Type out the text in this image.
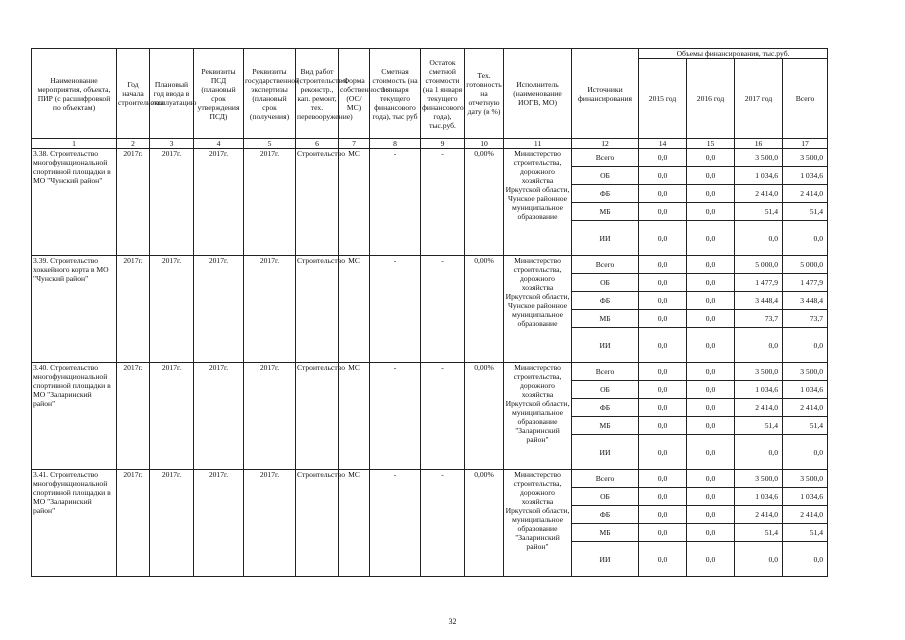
Наименование мероприятия, объекта, ПИР (с расшифровкой по объектам)	Год начала строительства	Плановый год ввода в эксплуатацию	Реквизиты ПСД (плановый срок утверждения ПСД)	Реквизиты государственной экспертизы (плановый срок (получения)	Вид работ (строительство, реконстр., кап. ремонт, тех. перевооружение)	Форма собственности (ОС/МС)	Сметная стоимость (на 1 января текущего финансового года), тыс руб	Остаток сметной стоимости (на 1 января текущего финансового года), тыс.руб.	Тех. готовность на отчетную дату (в %)	Исполнитель (наименование ИОГВ, МО)	Источники финансирования	Объемы финансирования, тыс.руб.			
												2015 год	2016 год	2017 год	Всего
1	2	3	4	5	6	7	8	9	10	11	12	14	15	16	17
3.38. Строительство многофункциональной спортивной площадки в МО "Чунский район"	2017г.	2017г.	2017г.	2017г.	Строительство	МС	-	-	0,00%	Министерство строительства, дорожного хозяйства Иркутской области, Чунское районное муниципальное образование	Всего	0,0	0,0	3 500,0	3 500,0
											ОБ	0,0	0,0	1 034,6	1 034,6
											ФБ	0,0	0,0	2 414,0	2 414,0
											МБ	0,0	0,0	51,4	51,4
											ИИ	0,0	0,0	0,0	0,0
3.39. Строительство хоккейного корта в МО "Чунский район"	2017г.	2017г.	2017г.	2017г.	Строительство	МС	-	-	0,00%	Министерство строительства, дорожного хозяйства Иркутской области, Чунское районное муниципальное образование	Всего	0,0	0,0	5 000,0	5 000,0
											ОБ	0,0	0,0	1 477,9	1 477,9
											ФБ	0,0	0,0	3 448,4	3 448,4
											МБ	0,0	0,0	73,7	73,7
											ИИ	0,0	0,0	0,0	0,0
3.40. Строительство многофункциональной спортивной площадки в МО "Заларинский район"	2017г.	2017г.	2017г.	2017г.	Строительство	МС	-	-	0,00%	Министерство строительства, дорожного хозяйства Иркутской области, муниципальное образование "Заларинский район"	Всего	0,0	0,0	3 500,0	3 500,0
											ОБ	0,0	0,0	1 034,6	1 034,6
											ФБ	0,0	0,0	2 414,0	2 414,0
											МБ	0,0	0,0	51,4	51,4
											ИИ	0,0	0,0	0,0	0,0
3.41. Строительство многофункциональной спортивной площадки в МО "Заларинский район"	2017г.	2017г.	2017г.	2017г.	Строительство	МС	-	-	0,00%	Министерство строительства, дорожного хозяйства Иркутской области, муниципальное образование "Заларинский район"	Всего	0,0	0,0	3 500,0	3 500,0
											ОБ	0,0	0,0	1 034,6	1 034,6
											ФБ	0,0	0,0	2 414,0	2 414,0
											МБ	0,0	0,0	51,4	51,4
											ИИ	0,0	0,0	0,0	0,0
32
